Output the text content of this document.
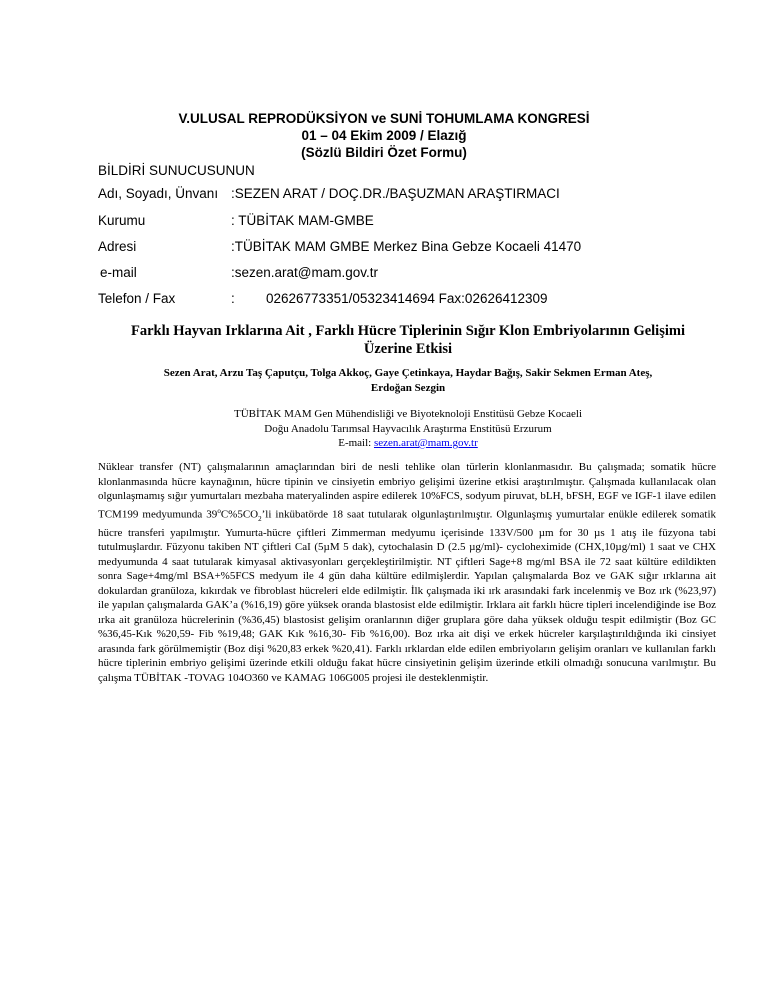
V.ULUSAL REPRODÜKSİYON ve SUNİ TOHUMLAMA KONGRESİ
01 – 04 Ekim 2009 / Elazığ
(Sözlü Bildiri Özet Formu)
BİLDİRİ SUNUCUSUNUN
Adı, Soyadı, Ünvanı :SEZEN ARAT / DOÇ.DR./BAŞUZMAN ARAŞTIRMACI
Kurumu	: TÜBİTAK MAM-GMBE
Adresi	:TÜBİTAK MAM GMBE Merkez Bina Gebze Kocaeli 41470
e-mail	:sezen.arat@mam.gov.tr
Telefon / Fax	: 02626773351/05323414694 Fax:02626412309
Farklı Hayvan Irklarına Ait , Farklı Hücre Tiplerinin Sığır Klon Embriyolarının Gelişimi
Üzerine Etkisi
Sezen Arat, Arzu Taş Çaputçu, Tolga Akkoç, Gaye Çetinkaya, Haydar Bağış, Sakir Sekmen Erman Ateş,
Erdoğan Sezgin
TÜBİTAK MAM Gen Mühendisliği ve Biyoteknoloji Enstitüsü Gebze Kocaeli
Doğu Anadolu Tarımsal Hayvacılık Araştırma Enstitüsü Erzurum
E-mail: sezen.arat@mam.gov.tr
Nüklear transfer (NT) çalışmalarının amaçlarından biri de nesli tehlike olan türlerin klonlanmasıdır. Bu çalışmada; somatik hücre klonlanmasında hücre kaynağının, hücre tipinin ve cinsiyetin embriyo gelişimi üzerine etkisi araştırılmıştır. Çalışmada kullanılacak olan olgunlaşmamış sığır yumurtaları mezbaha materyalinden aspire edilerek 10%FCS, sodyum piruvat, bLH, bFSH, EGF ve IGF-1 ilave edilen TCM199 medyumunda $39^oC\%5CO_2’li$ inkübatörde 18 saat tutularak olgunlaştırılmıştır. Olgunlaşmış yumurtalar enükle edilerek somatik hücre transferi yapılmıştır. Yumurta-hücre çiftleri Zimmerman medyumu içerisinde 133V/500 µm for 30 µs 1 atış ile füzyona tabi tutulmuşlardır. Füzyonu takiben NT çiftleri CaI (5µM 5 dak), cytochalasin D (2.5 µg/ml)- cycloheximide (CHX,10µg/ml) 1 saat ve CHX medyumunda 4 saat tutularak kimyasal aktivasyonları gerçekleştirilmiştir. NT çiftleri Sage+8 mg/ml BSA ile 72 saat kültüre edildikten sonra Sage+4mg/ml BSA+%5FCS medyum ile 4 gün daha kültüre edilmişlerdir. Yapılan çalışmalarda Boz ve GAK sığır ırklarına ait dokulardan granüloza, kıkırdak ve fibroblast hücreleri elde edilmiştir. İlk çalışmada iki ırk arasındaki fark incelenmiş ve Boz ırk (%23,97) ile yapılan çalışmalarda GAK’a (%16,19) göre yüksek oranda blastosist elde edilmiştir. Irklara ait farklı hücre tipleri incelendiğinde ise Boz ırka ait granüloza hücrelerinin (%36,45) blastosist gelişim oranlarının diğer gruplara göre daha yüksek olduğu tespit edilmiştir (Boz GC %36,45-Kık %20,59- Fib %19,48; GAK Kık %16,30- Fib %16,00). Boz ırka ait dişi ve erkek hücreler karşılaştırıldığında iki cinsiyet arasında fark görülmemiştir (Boz dişi %20,83 erkek %20,41). Farklı ırklardan elde edilen embriyoların gelişim oranları ve kullanılan farklı hücre tiplerinin embriyo gelişimi üzerinde etkili olduğu fakat hücre cinsiyetinin gelişim üzerinde etkili olmadığı sonucuna varılmıştır. Bu çalışma TÜBİTAK -TOVAG 104O360 ve KAMAG 106G005 projesi ile desteklenmiştir.
